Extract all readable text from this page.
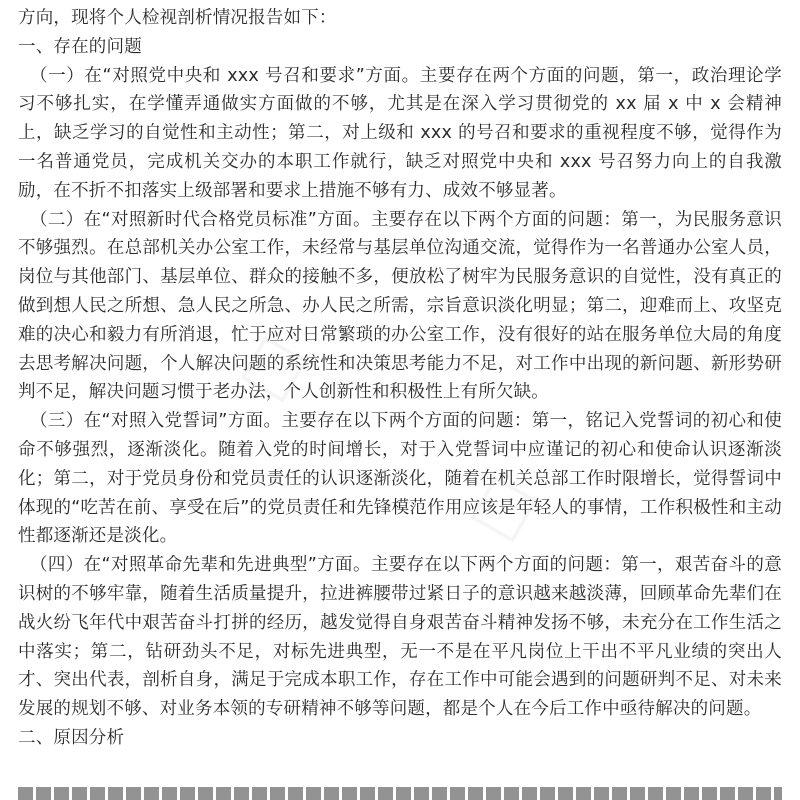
□
□

方向，现将个人检视剖析情况报告如下：

一、存在的问题

（一）在“对照党中央和 xxx 号召和要求”方面。主要存在两个方面的问题，第一，政治理论学习不够扎实，在学懂弄通做实方面做的不够，尤其是在深入学习贯彻党的 xx 届 x 中 x 会精神上，缺乏学习的自觉性和主动性；第二，对上级和 xxx 的号召和要求的重视程度不够，觉得作为一名普通党员，完成机关交办的本职工作就行，缺乏对照党中央和 xxx 号召努力向上的自我激励，在不折不扣落实上级部署和要求上措施不够有力、成效不够显著。

（二）在“对照新时代合格党员标准”方面。主要存在以下两个方面的问题：第一，为民服务意识不够强烈。在总部机关办公室工作，未经常与基层单位沟通交流，觉得作为一名普通办公室人员，岗位与其他部门、基层单位、群众的接触不多，便放松了树牢为民服务意识的自觉性，没有真正的做到想人民之所想、急人民之所急、办人民之所需，宗旨意识淡化明显；第二，迎难而上、攻坚克难的决心和毅力有所消退，忙于应对日常繁琐的办公室工作，没有很好的站在服务单位大局的角度去思考解决问题，个人解决问题的系统性和决策思考能力不足，对工作中出现的新问题、新形势研判不足，解决问题习惯于老办法，个人创新性和积极性上有所欠缺。

（三）在“对照入党誓词”方面。主要存在以下两个方面的问题：第一，铭记入党誓词的初心和使命不够强烈，逐渐淡化。随着入党的时间增长，对于入党誓词中应谨记的初心和使命认识逐渐淡化；第二，对于党员身份和党员责任的认识逐渐淡化，随着在机关总部工作时限增长，觉得誓词中体现的“吃苦在前、享受在后”的党员责任和先锋模范作用应该是年轻人的事情，工作积极性和主动性都逐渐还是淡化。

（四）在“对照革命先辈和先进典型”方面。主要存在以下两个方面的问题：第一，艰苦奋斗的意识树的不够牢靠，随着生活质量提升，拉进裤腰带过紧日子的意识越来越淡薄，回顾革命先辈们在战火纷飞年代中艰苦奋斗打拼的经历，越发觉得自身艰苦奋斗精神发扬不够，未充分在工作生活之中落实；第二，钻研劲头不足，对标先进典型，无一不是在平凡岗位上干出不平凡业绩的突出人才、突出代表，剖析自身，满足于完成本职工作，存在工作中可能会遇到的问题研判不足、对未来发展的规划不够、对业务本领的专研精神不够等问题，都是个人在今后工作中亟待解决的问题。

二、原因分析
